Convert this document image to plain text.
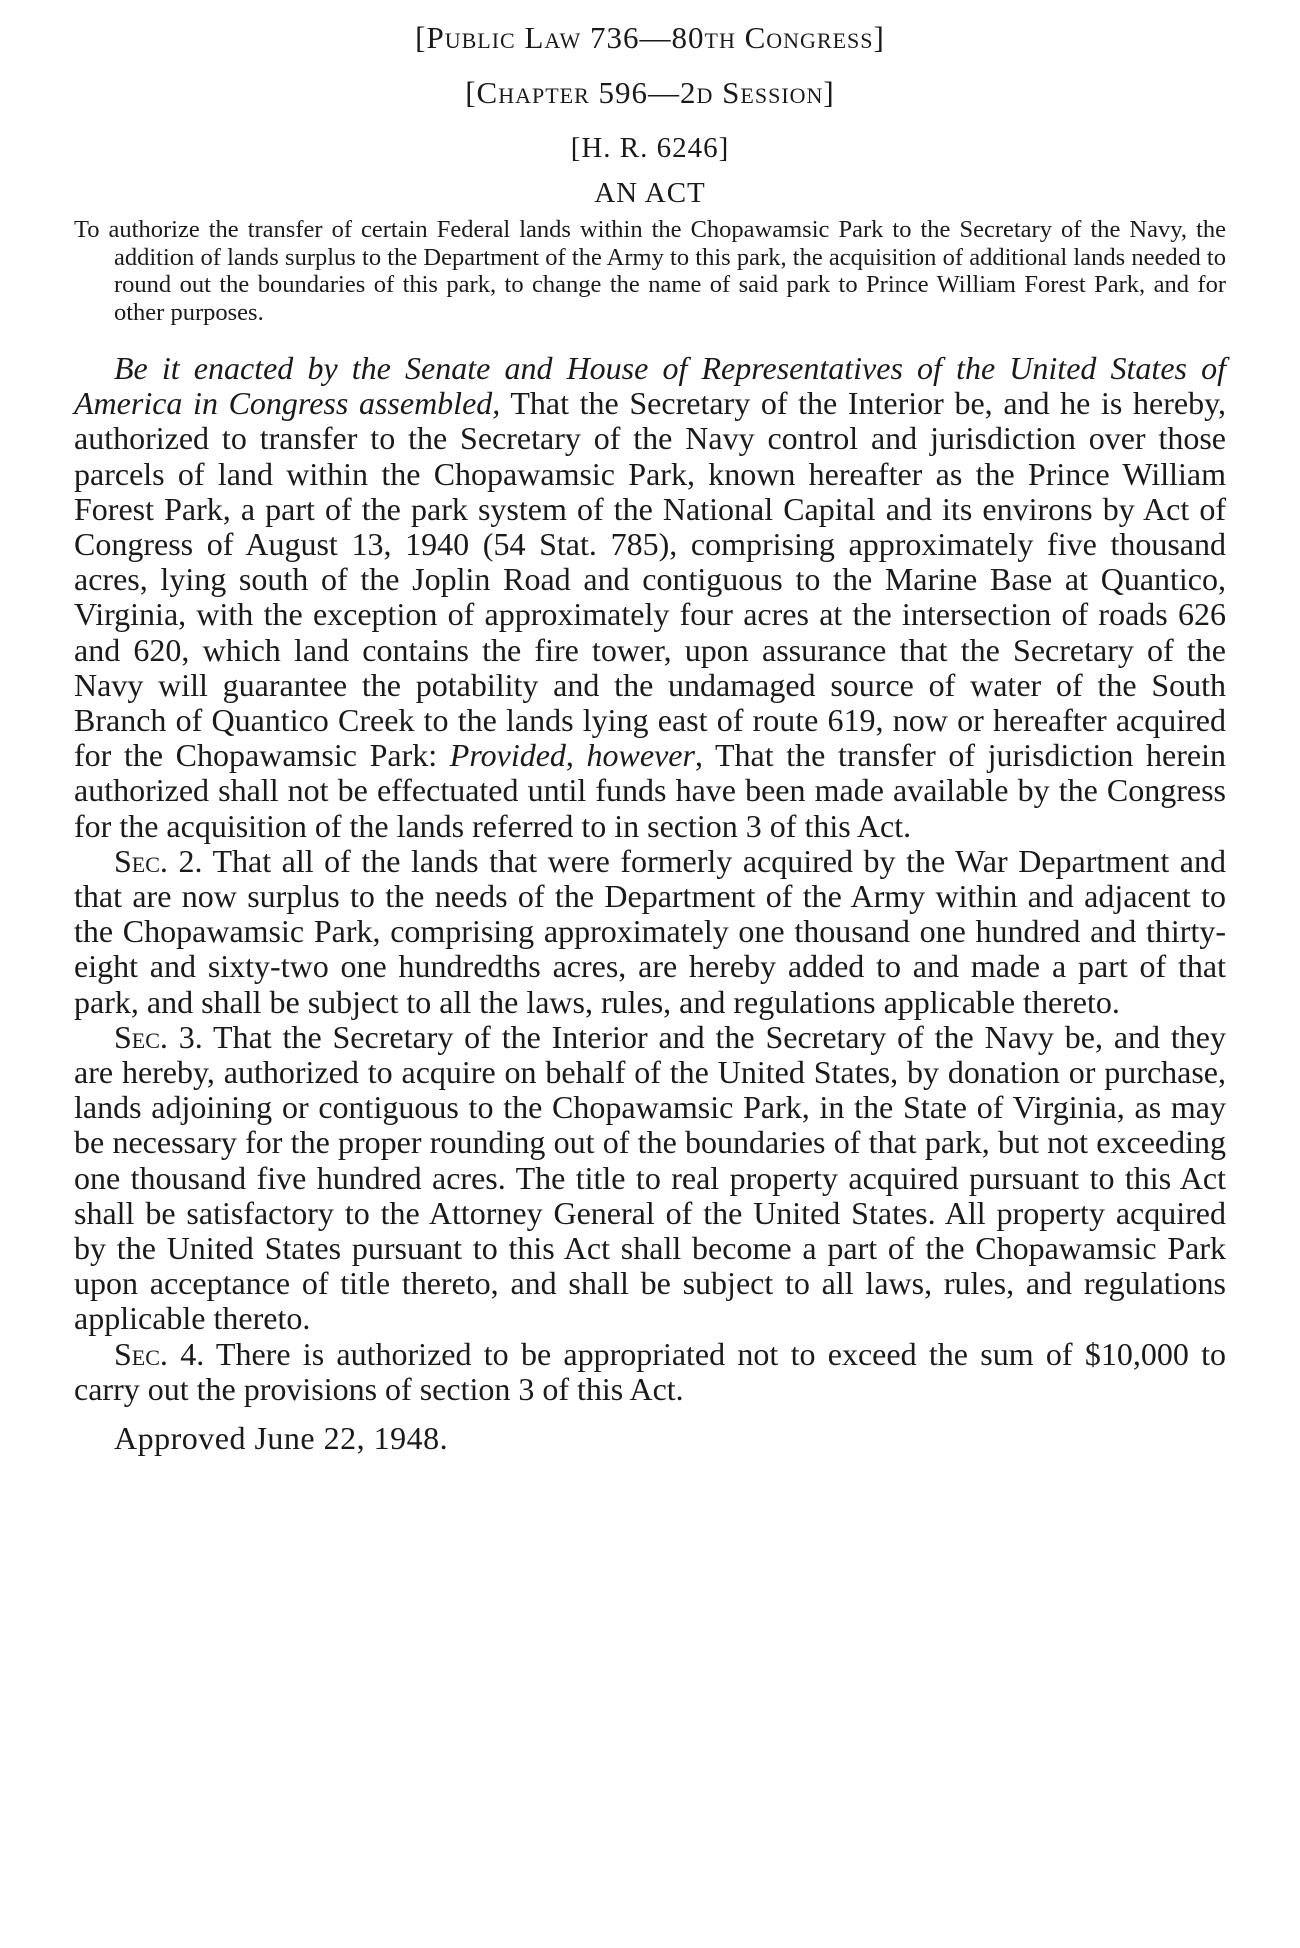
[Public Law 736—80th Congress]

[Chapter 596—2d Session]

[H. R. 6246]

AN ACT

To authorize the transfer of certain Federal lands within the Chopawamsic Park to the Secretary of the Navy, the addition of lands surplus to the Department of the Army to this park, the acquisition of additional lands needed to round out the boundaries of this park, to change the name of said park to Prince William Forest Park, and for other purposes.

Be it enacted by the Senate and House of Representatives of the United States of America in Congress assembled, That the Secretary of the Interior be, and he is hereby, authorized to transfer to the Secretary of the Navy control and jurisdiction over those parcels of land within the Chopawamsic Park, known hereafter as the Prince William Forest Park, a part of the park system of the National Capital and its environs by Act of Congress of August 13, 1940 (54 Stat. 785), comprising approximately five thousand acres, lying south of the Joplin Road and contiguous to the Marine Base at Quantico, Virginia, with the exception of approximately four acres at the intersection of roads 626 and 620, which land contains the fire tower, upon assurance that the Secretary of the Navy will guarantee the potability and the undamaged source of water of the South Branch of Quantico Creek to the lands lying east of route 619, now or hereafter acquired for the Chopawamsic Park: Provided, however, That the transfer of jurisdiction herein authorized shall not be effectuated until funds have been made available by the Congress for the acquisition of the lands referred to in section 3 of this Act.

Sec. 2. That all of the lands that were formerly acquired by the War Department and that are now surplus to the needs of the Department of the Army within and adjacent to the Chopawamsic Park, comprising approximately one thousand one hundred and thirty-eight and sixty-two one hundredths acres, are hereby added to and made a part of that park, and shall be subject to all the laws, rules, and regulations applicable thereto.

Sec. 3. That the Secretary of the Interior and the Secretary of the Navy be, and they are hereby, authorized to acquire on behalf of the United States, by donation or purchase, lands adjoining or contiguous to the Chopawamsic Park, in the State of Virginia, as may be necessary for the proper rounding out of the boundaries of that park, but not exceeding one thousand five hundred acres. The title to real property acquired pursuant to this Act shall be satisfactory to the Attorney General of the United States. All property acquired by the United States pursuant to this Act shall become a part of the Chopawamsic Park upon acceptance of title thereto, and shall be subject to all laws, rules, and regulations applicable thereto.

Sec. 4. There is authorized to be appropriated not to exceed the sum of $10,000 to carry out the provisions of section 3 of this Act.

Approved June 22, 1948.
